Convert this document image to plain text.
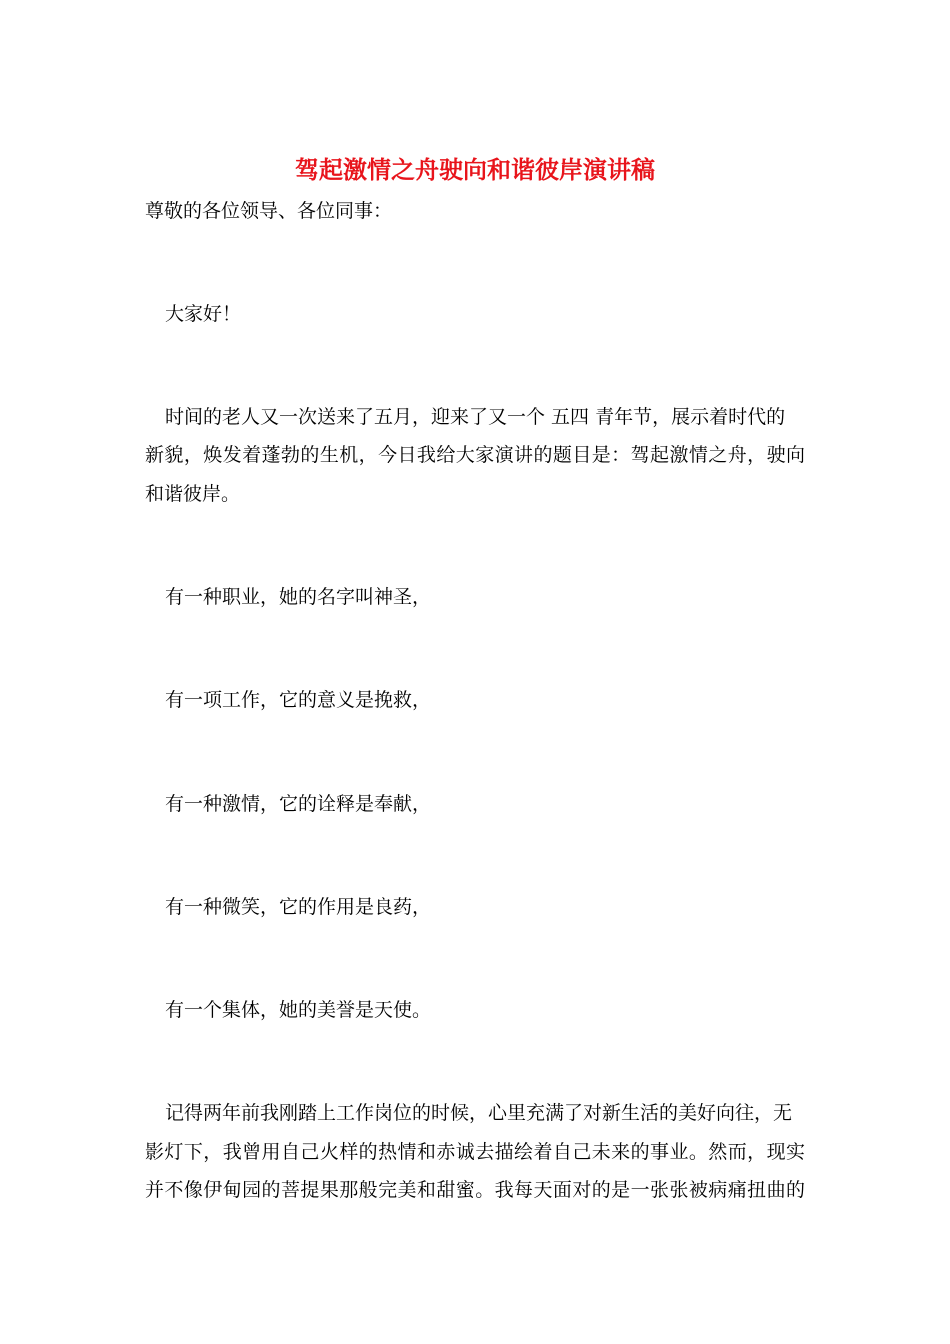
驾起激情之舟驶向和谐彼岸演讲稿
尊敬的各位领导、各位同事：
大家好！
时间的老人又一次送来了五月，迎来了又一个 五四 青年节，展示着时代的
新貌，焕发着蓬勃的生机，今日我给大家演讲的题目是：驾起激情之舟，驶向
和谐彼岸。
有一种职业，她的名字叫神圣，
有一项工作，它的意义是挽救，
有一种激情，它的诠释是奉献，
有一种微笑，它的作用是良药，
有一个集体，她的美誉是天使。
记得两年前我刚踏上工作岗位的时候，心里充满了对新生活的美好向往，无
影灯下，我曾用自己火样的热情和赤诚去描绘着自己未来的事业。然而，现实
并不像伊甸园的菩提果那般完美和甜蜜。我每天面对的是一张张被病痛扭曲的
